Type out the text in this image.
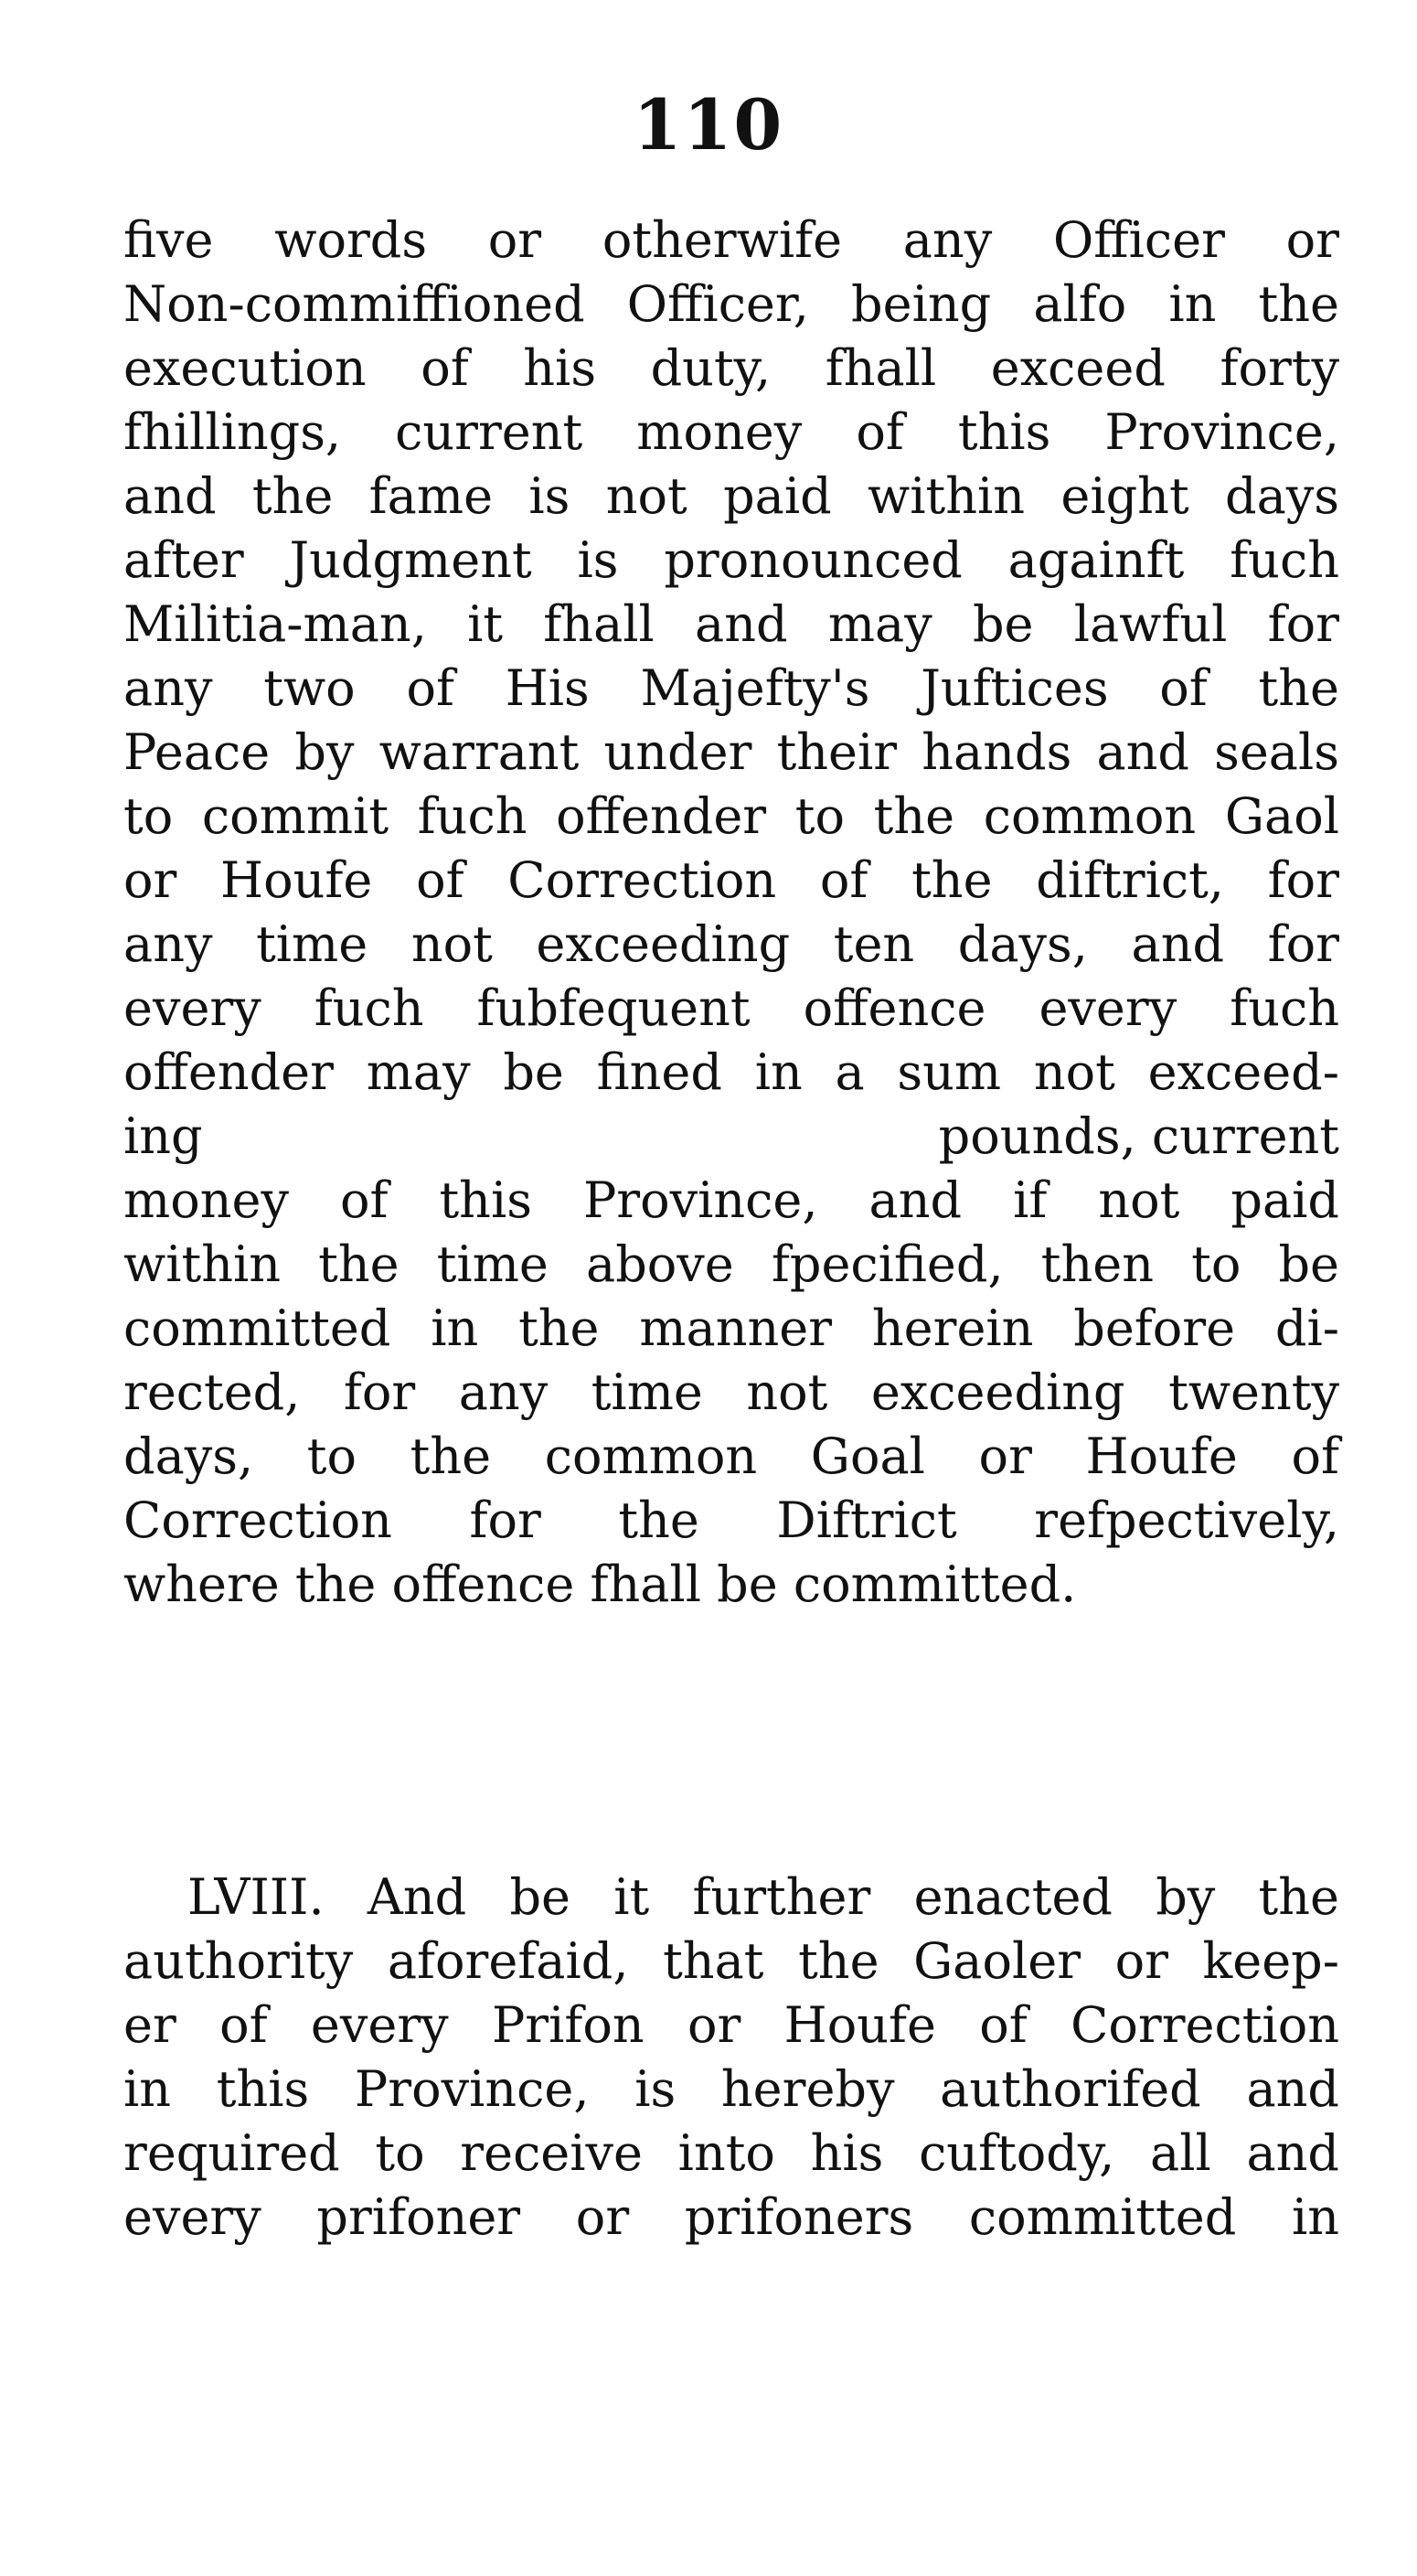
110
five words or otherwife any Officer or
Non-commiffioned Officer, being alfo in the
execution of his duty, fhall exceed forty
fhillings, current money of this Province,
and the fame is not paid within eight days
after Judgment is pronounced againft fuch
Militia-man, it fhall and may be lawful for
any two of His Majefty's Juftices of the
Peace by warrant under their hands and seals
to commit fuch offender to the common Gaol
or Houfe of Correction of the diftrict, for
any time not exceeding ten days, and for
every fuch fubfequent offence every fuch
offender may be fined in a sum not exceed-
ing	pounds, current
money of this Province, and if not paid
within the time above fpecified, then to be
committed in the manner herein before di-
rected, for any time not exceeding twenty
days, to the common Goal or Houfe of
Correction for the Diftrict refpectively,
where the offence fhall be committed.
LVIII. And be it further enacted by the
authority aforefaid, that the Gaoler or keep-
er of every Prifon or Houfe of Correction
in this Province, is hereby authorifed and
required to receive into his cuftody, all and
every prifoner or prifoners committed in
